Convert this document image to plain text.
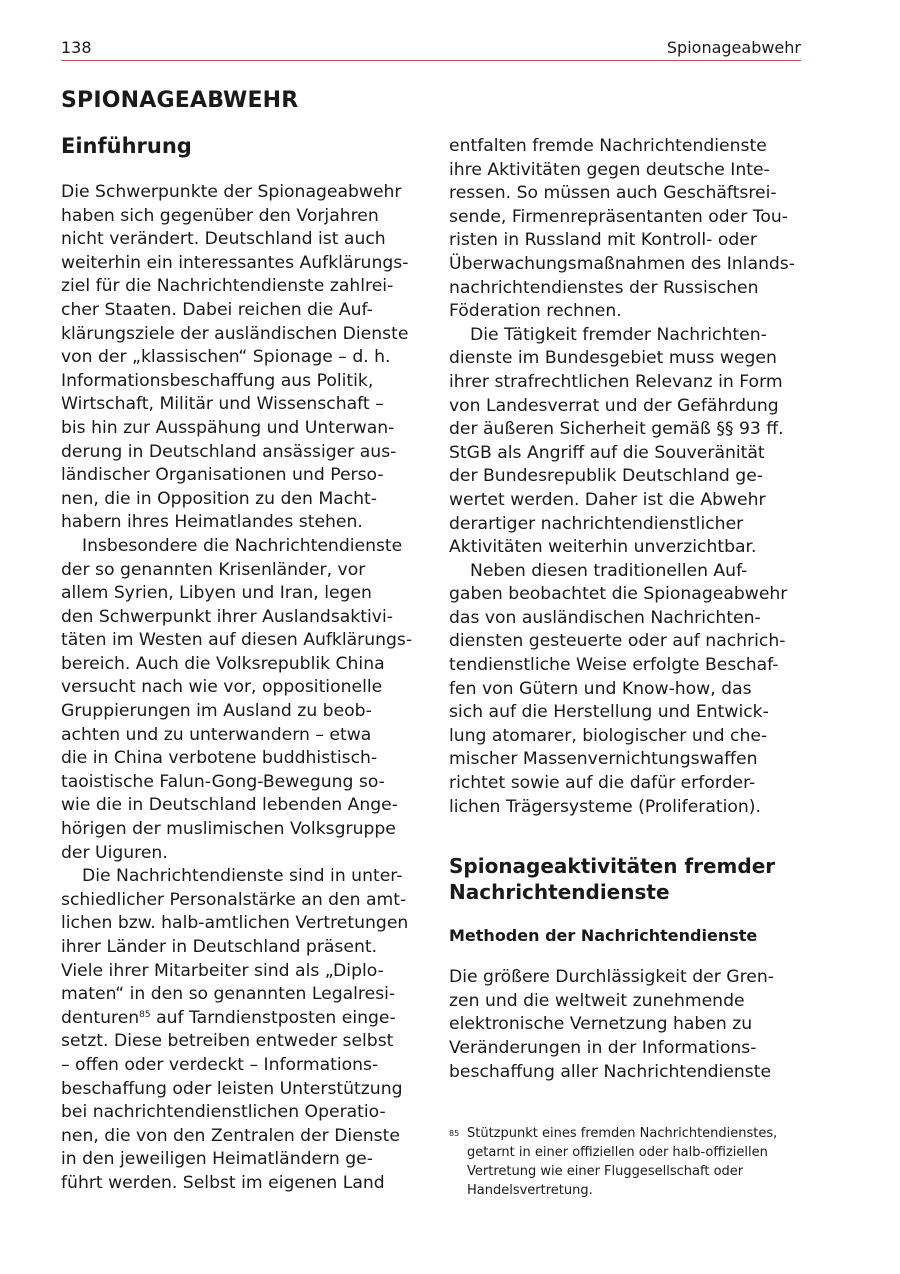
138	Spionageabwehr
SPIONAGEABWEHR
Einführung

Die Schwerpunkte der Spionageabwehr
haben sich gegenüber den Vorjahren
nicht verändert. Deutschland ist auch
weiterhin ein interessantes Aufklärungs-
ziel für die Nachrichtendienste zahlrei-
cher Staaten. Dabei reichen die Auf-
klärungsziele der ausländischen Dienste
von der „klassischen“ Spionage – d. h.
Informationsbeschaffung aus Politik,
Wirtschaft, Militär und Wissenschaft –
bis hin zur Ausspähung und Unterwan-
derung in Deutschland ansässiger aus-
ländischer Organisationen und Perso-
nen, die in Opposition zu den Macht-
habern ihres Heimatlandes stehen.

Insbesondere die Nachrichtendienste
der so genannten Krisenländer, vor
allem Syrien, Libyen und Iran, legen
den Schwerpunkt ihrer Auslandsaktivi-
täten im Westen auf diesen Aufklärungs-
bereich. Auch die Volksrepublik China
versucht nach wie vor, oppositionelle
Gruppierungen im Ausland zu beob-
achten und zu unterwandern – etwa
die in China verbotene buddhistisch-
taoistische Falun-Gong-Bewegung so-
wie die in Deutschland lebenden Ange-
hörigen der muslimischen Volksgruppe
der Uiguren.

Die Nachrichtendienste sind in unter-
schiedlicher Personalstärke an den amt-
lichen bzw. halb-amtlichen Vertretungen
ihrer Länder in Deutschland präsent.
Viele ihrer Mitarbeiter sind als „Diplo-
maten“ in den so genannten Legalresi-
denturen$^{85}$ auf Tarndienstposten einge-
setzt. Diese betreiben entweder selbst
– offen oder verdeckt – Informations-
beschaffung oder leisten Unterstützung
bei nachrichtendienstlichen Operatio-
nen, die von den Zentralen der Dienste
in den jeweiligen Heimatländern ge-
führt werden. Selbst im eigenen Land

entfalten fremde Nachrichtendienste
ihre Aktivitäten gegen deutsche Inte-
ressen. So müssen auch Geschäftsrei-
sende, Firmenrepräsentanten oder Tou-
risten in Russland mit Kontroll- oder
Überwachungsmaßnahmen des Inlands-
nachrichtendienstes der Russischen
Föderation rechnen.

Die Tätigkeit fremder Nachrichten-
dienste im Bundesgebiet muss wegen
ihrer strafrechtlichen Relevanz in Form
von Landesverrat und der Gefährdung
der äußeren Sicherheit gemäß §§ 93 ff.
StGB als Angriff auf die Souveränität
der Bundesrepublik Deutschland ge-
wertet werden. Daher ist die Abwehr
derartiger nachrichtendienstlicher
Aktivitäten weiterhin unverzichtbar.

Neben diesen traditionellen Auf-
gaben beobachtet die Spionageabwehr
das von ausländischen Nachrichten-
diensten gesteuerte oder auf nachrich-
tendienstliche Weise erfolgte Beschaf-
fen von Gütern und Know-how, das
sich auf die Herstellung und Entwick-
lung atomarer, biologischer und che-
mischer Massenvernichtungswaffen
richtet sowie auf die dafür erforder-
lichen Trägersysteme (Proliferation).

Spionageaktivitäten fremder
Nachrichtendienste
Methoden der Nachrichtendienste

Die größere Durchlässigkeit der Gren-
zen und die weltweit zunehmende
elektronische Vernetzung haben zu
Veränderungen in der Informations-
beschaffung aller Nachrichtendienste

85 Stützpunkt eines fremden Nachrichtendienstes,
getarnt in einer offiziellen oder halb-offiziellen
Vertretung wie einer Fluggesellschaft oder
Handelsvertretung.
